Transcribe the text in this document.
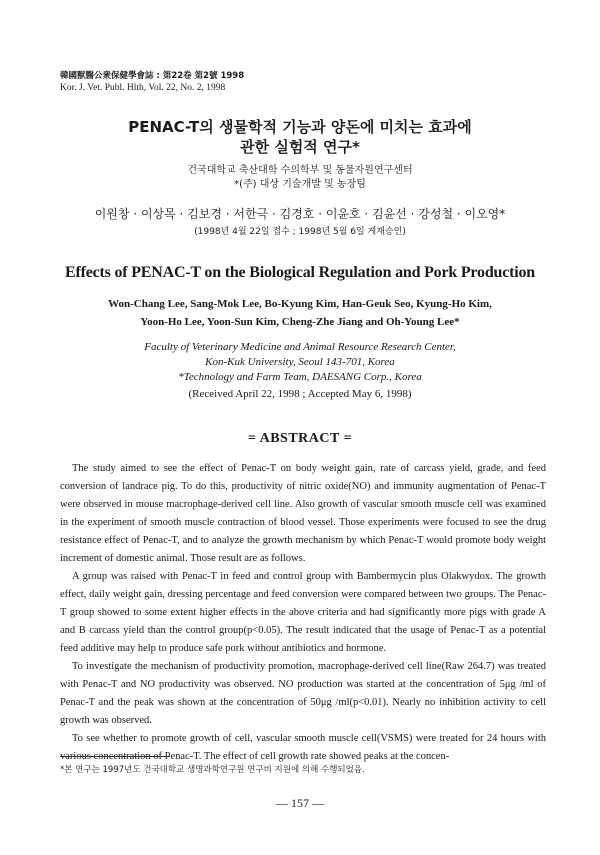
韓國獸醫公衆保健學會誌 : 第22卷 第2號 1998
Kor. J. Vet. Publ. Hlth, Vol. 22, No. 2, 1998
PENAC-T의 생물학적 기능과 양돈에 미치는 효과에
관한 실험적 연구*
건국대학교 축산대학 수의학부 및 동물자원연구센터
*(주) 대상 기술개발 및 농장팀
이원창 · 이상목 · 김보경 · 서한극 · 김경호 · 이윤호 · 김윤선 · 강성철 · 이오영*
(1998년 4월 22일 접수 ; 1998년 5월 6일 게재승인)
Effects of PENAC-T on the Biological Regulation and Pork Production
Won-Chang Lee, Sang-Mok Lee, Bo-Kyung Kim, Han-Geuk Seo, Kyung-Ho Kim,
Yoon-Ho Lee, Yoon-Sun Kim, Cheng-Zhe Jiang and Oh-Young Lee*
Faculty of Veterinary Medicine and Animal Resource Research Center,
Kon-Kuk University, Seoul 143-701, Korea
*Technology and Farm Team, DAESANG Corp., Korea
(Received April 22, 1998 ; Accepted May 6, 1998)
= ABSTRACT =

The study aimed to see the effect of Penac-T on body weight gain, rate of carcass yield, grade, and feed conversion of landrace pig. To do this, productivity of nitric oxide(NO) and immunity augmentation of Penac-T were observed in mouse macrophage-derived cell line. Also growth of vascular smooth muscle cell was examined in the experiment of smooth muscle contraction of blood vessel. Those experiments were focused to see the drug resistance effect of Penac-T, and to analyze the growth mechanism by which Penac-T would promote body weight increment of domestic animal. Those result are as follows.

A group was raised with Penac-T in feed and control group with Bambermycin plus Olakwydox. The growth effect, daily weight gain, dressing percentage and feed conversion were compared between two groups. The Penac-T group showed to some extent higher effects in the above criteria and had significantly more pigs with grade A and B carcass yield than the control group(p<0.05). The result indicated that the usage of Penac-T as a potential feed additive may help to produce safe pork without antibiotics and hormone.

To investigate the mechanism of productivity promotion, macrophage-derived cell line(Raw 264.7) was treated with Penac-T and NO productivity was observed. NO production was started at the concentration of 5μg /ml of Penac-T and the peak was shown at the concentration of 50μg /ml(p<0.01). Nearly no inhibition activity to cell growth was observed.

To see whether to promote growth of cell, vascular smooth muscle cell(VSMS) were treated for 24 hours with various concentration of Penac-T. The effect of cell growth rate showed peaks at the concen-

*본 연구는 1997년도 건국대학교 생명과학연구원 연구비 지원에 의해 수행되었음.
— 157 —
